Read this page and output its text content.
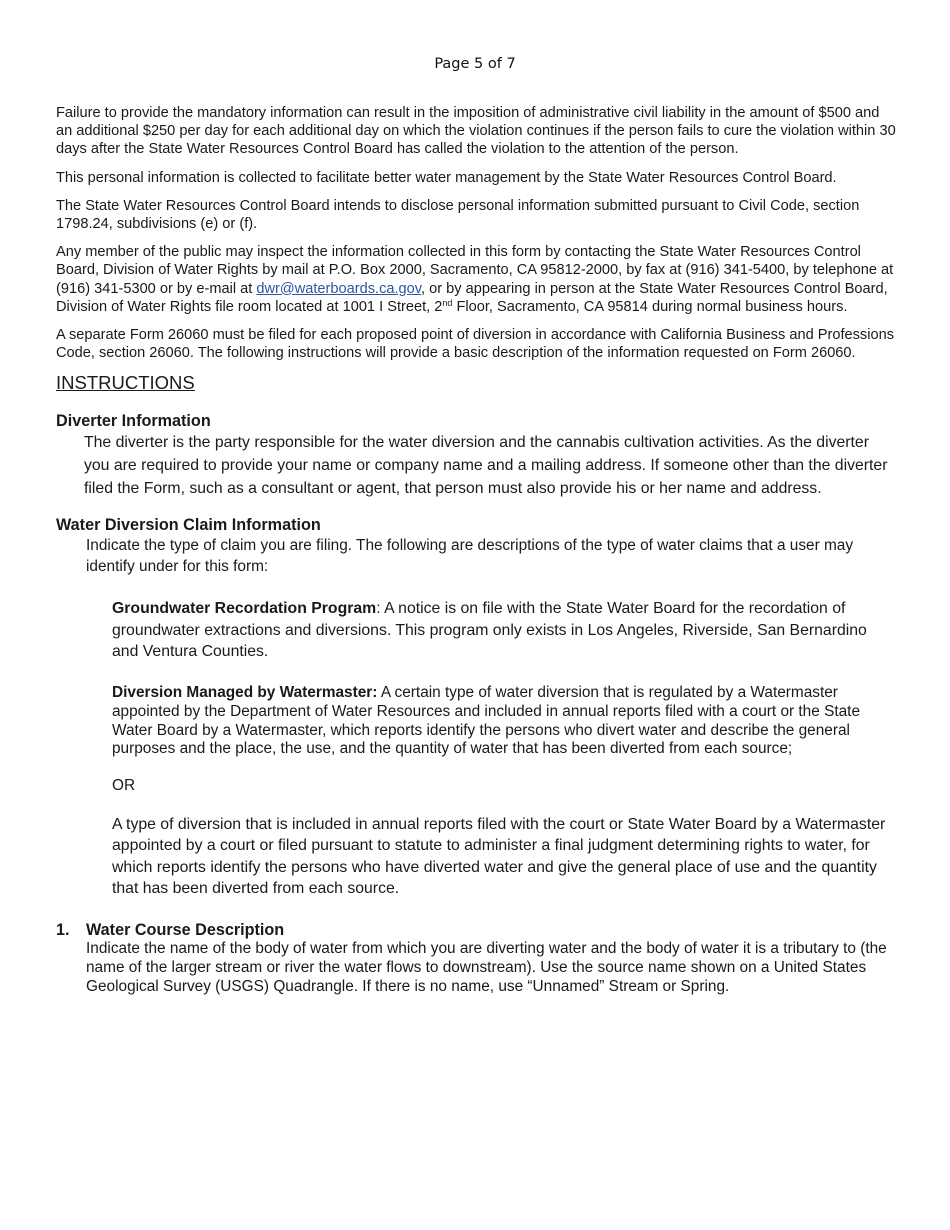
Page 5 of 7

Failure to provide the mandatory information can result in the imposition of administrative civil liability in the amount of $500 and an additional $250 per day for each additional day on which the violation continues if the person fails to cure the violation within 30 days after the State Water Resources Control Board has called the violation to the attention of the person.

This personal information is collected to facilitate better water management by the State Water Resources Control Board.

The State Water Resources Control Board intends to disclose personal information submitted pursuant to Civil Code, section 1798.24, subdivisions (e) or (f).

Any member of the public may inspect the information collected in this form by contacting the State Water Resources Control Board, Division of Water Rights by mail at P.O. Box 2000, Sacramento, CA 95812-2000, by fax at (916) 341-5400, by telephone at (916) 341-5300 or by e-mail at dwr@waterboards.ca.gov, or by appearing in person at the State Water Resources Control Board, Division of Water Rights file room located at 1001 I Street, 2nd Floor, Sacramento, CA 95814 during normal business hours.

A separate Form 26060 must be filed for each proposed point of diversion in accordance with California Business and Professions Code, section 26060. The following instructions will provide a basic description of the information requested on Form 26060.

INSTRUCTIONS
Diverter Information

The diverter is the party responsible for the water diversion and the cannabis cultivation activities. As the diverter you are required to provide your name or company name and a mailing address. If someone other than the diverter filed the Form, such as a consultant or agent, that person must also provide his or her name and address.

Water Diversion Claim Information

Indicate the type of claim you are filing. The following are descriptions of the type of water claims that a user may identify under for this form:

Groundwater Recordation Program: A notice is on file with the State Water Board for the recordation of groundwater extractions and diversions. This program only exists in Los Angeles, Riverside, San Bernardino and Ventura Counties.

Diversion Managed by Watermaster: A certain type of water diversion that is regulated by a Watermaster appointed by the Department of Water Resources and included in annual reports filed with a court or the State Water Board by a Watermaster, which reports identify the persons who divert water and describe the general purposes and the place, the use, and the quantity of water that has been diverted from each source;

OR

A type of diversion that is included in annual reports filed with the court or State Water Board by a Watermaster appointed by a court or filed pursuant to statute to administer a final judgment determining rights to water, for which reports identify the persons who have diverted water and give the general place of use and the quantity that has been diverted from each source.

1.	Water Course Description

Indicate the name of the body of water from which you are diverting water and the body of water it is a tributary to (the name of the larger stream or river the water flows to downstream). Use the source name shown on a United States Geological Survey (USGS) Quadrangle. If there is no name, use “Unnamed” Stream or Spring.
